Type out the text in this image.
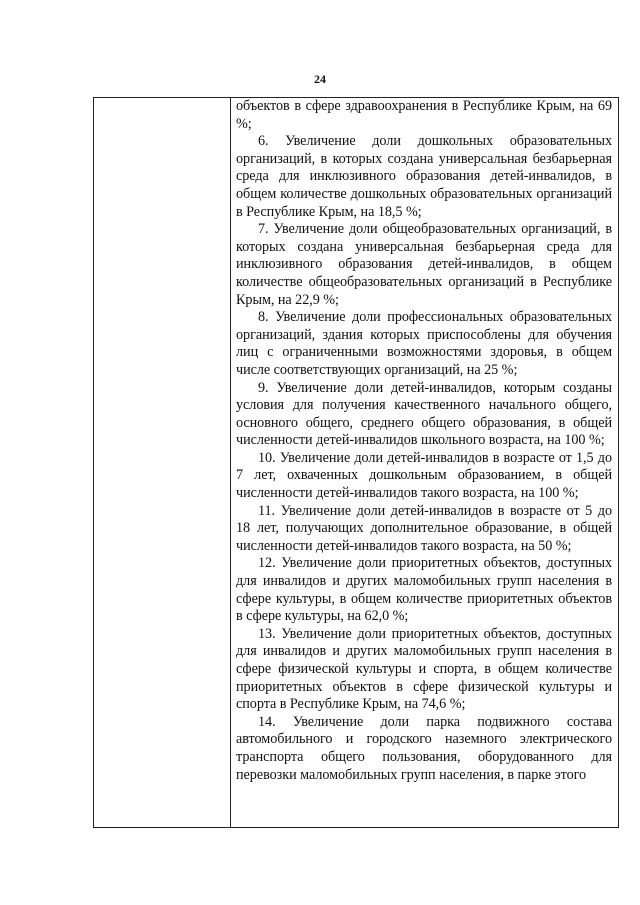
24

объектов в сфере здравоохранения в Республике Крым, на 69 %;

6. Увеличение доли дошкольных образовательных организаций, в которых создана универсальная безбарьерная среда для инклюзивного образования детей-инвалидов, в общем количестве дошкольных образовательных организаций в Республике Крым, на 18,5 %;

7. Увеличение доли общеобразовательных организаций, в которых создана универсальная безбарьерная среда для инклюзивного образования детей-инвалидов, в общем количестве общеобразовательных организаций в Республике Крым, на 22,9 %;

8. Увеличение доли профессиональных образовательных организаций, здания которых приспособлены для обучения лиц с ограниченными возможностями здоровья, в общем числе соответствующих организаций, на 25 %;

9. Увеличение доли детей-инвалидов, которым созданы условия для получения качественного начального общего, основного общего, среднего общего образования, в общей численности детей-инвалидов школьного возраста, на 100 %;

10. Увеличение доли детей-инвалидов в возрасте от 1,5 до 7 лет, охваченных дошкольным образованием, в общей численности детей-инвалидов такого возраста, на 100 %;

11. Увеличение доли детей-инвалидов в возрасте от 5 до 18 лет, получающих дополнительное образование, в общей численности детей-инвалидов такого возраста, на 50 %;

12. Увеличение доли приоритетных объектов, доступных для инвалидов и других маломобильных групп населения в сфере культуры, в общем количестве приоритетных объектов в сфере культуры, на 62,0 %;

13. Увеличение доли приоритетных объектов, доступных для инвалидов и других маломобильных групп населения в сфере физической культуры и спорта, в общем количестве приоритетных объектов в сфере физической культуры и спорта в Республике Крым, на 74,6 %;

14. Увеличение доли парка подвижного состава автомобильного и городского наземного электрического транспорта общего пользования, оборудованного для перевозки маломобильных групп населения, в парке этого
